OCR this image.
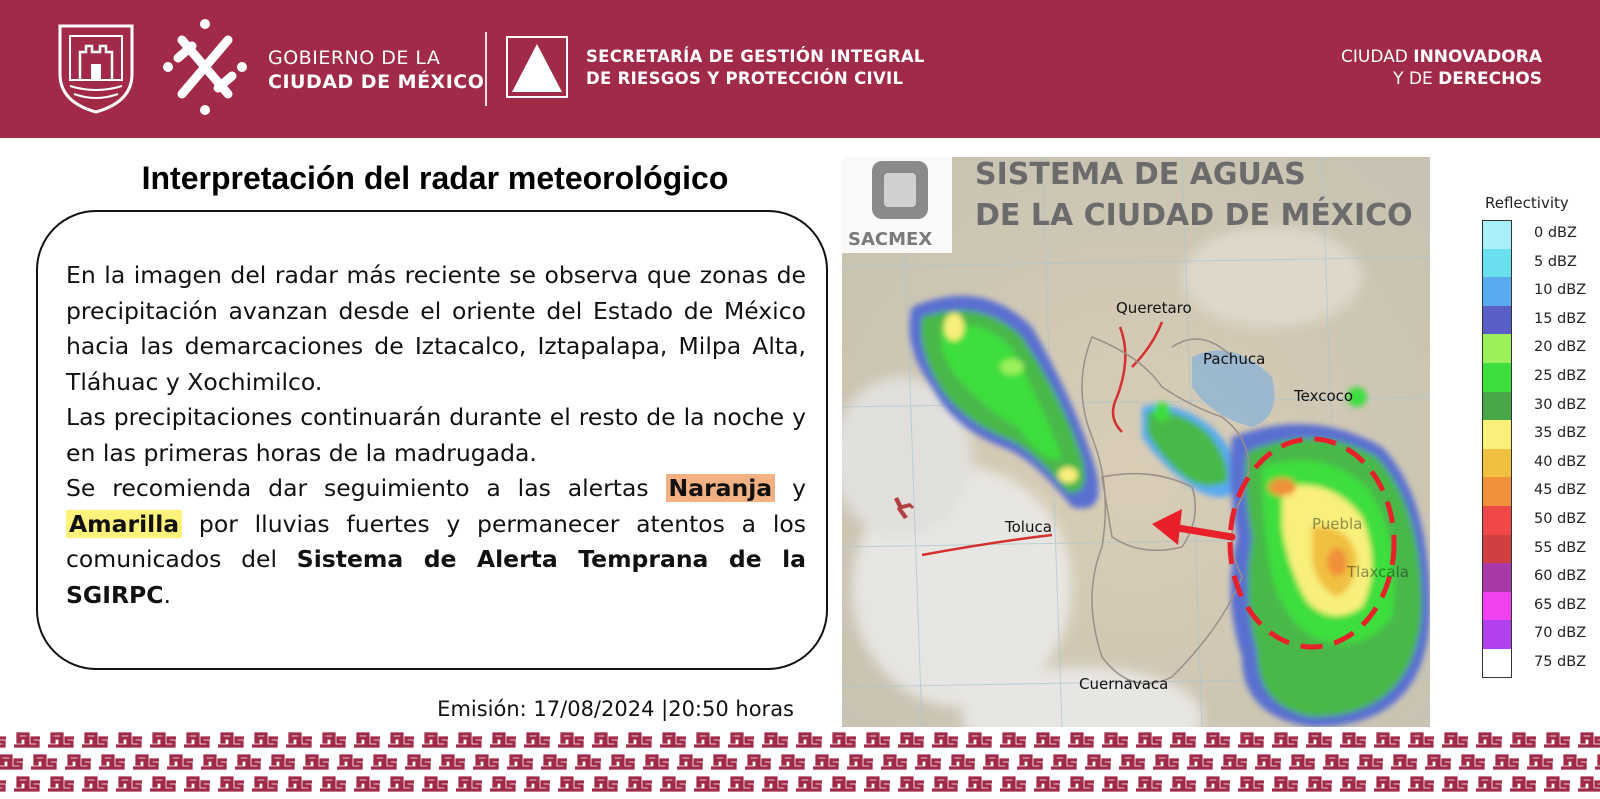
GOBIERNO DE LA
CIUDAD DE MÉXICO
SECRETARÍA DE GESTIÓN INTEGRAL
DE RIESGOS Y PROTECCIÓN CIVIL
CIUDAD INNOVADORA
Y DE DERECHOS
Interpretación del radar meteorológico

En la imagen del radar más reciente se observa que zonas de precipitación avanzan desde el oriente del Estado de México hacia las demarcaciones de Iztacalco, Iztapalapa, Milpa Alta, Tláhuac y Xochimilco.

Las precipitaciones continuarán durante el resto de la noche y en las primeras horas de la madrugada.

Se recomienda dar seguimiento a las alertas Naranja y Amarilla por lluvias fuertes y permanecer atentos a los comunicados del Sistema de Alerta Temprana de la SGIRPC.

Emisión: 17/08/2024 |20:50 horas
Queretaro
Pachuca
Texcoco
Toluca	Puebla
Tlaxcala
Cuernavaca
SACMEX
SISTEMA DE AGUAS
DE LA CIUDAD DE MÉXICO	Reflectivity
0 dBZ
5 dBZ
10 dBZ
15 dBZ
20 dBZ
25 dBZ
30 dBZ
35 dBZ
40 dBZ
45 dBZ
50 dBZ
55 dBZ
60 dBZ
65 dBZ
70 dBZ
75 dBZ
